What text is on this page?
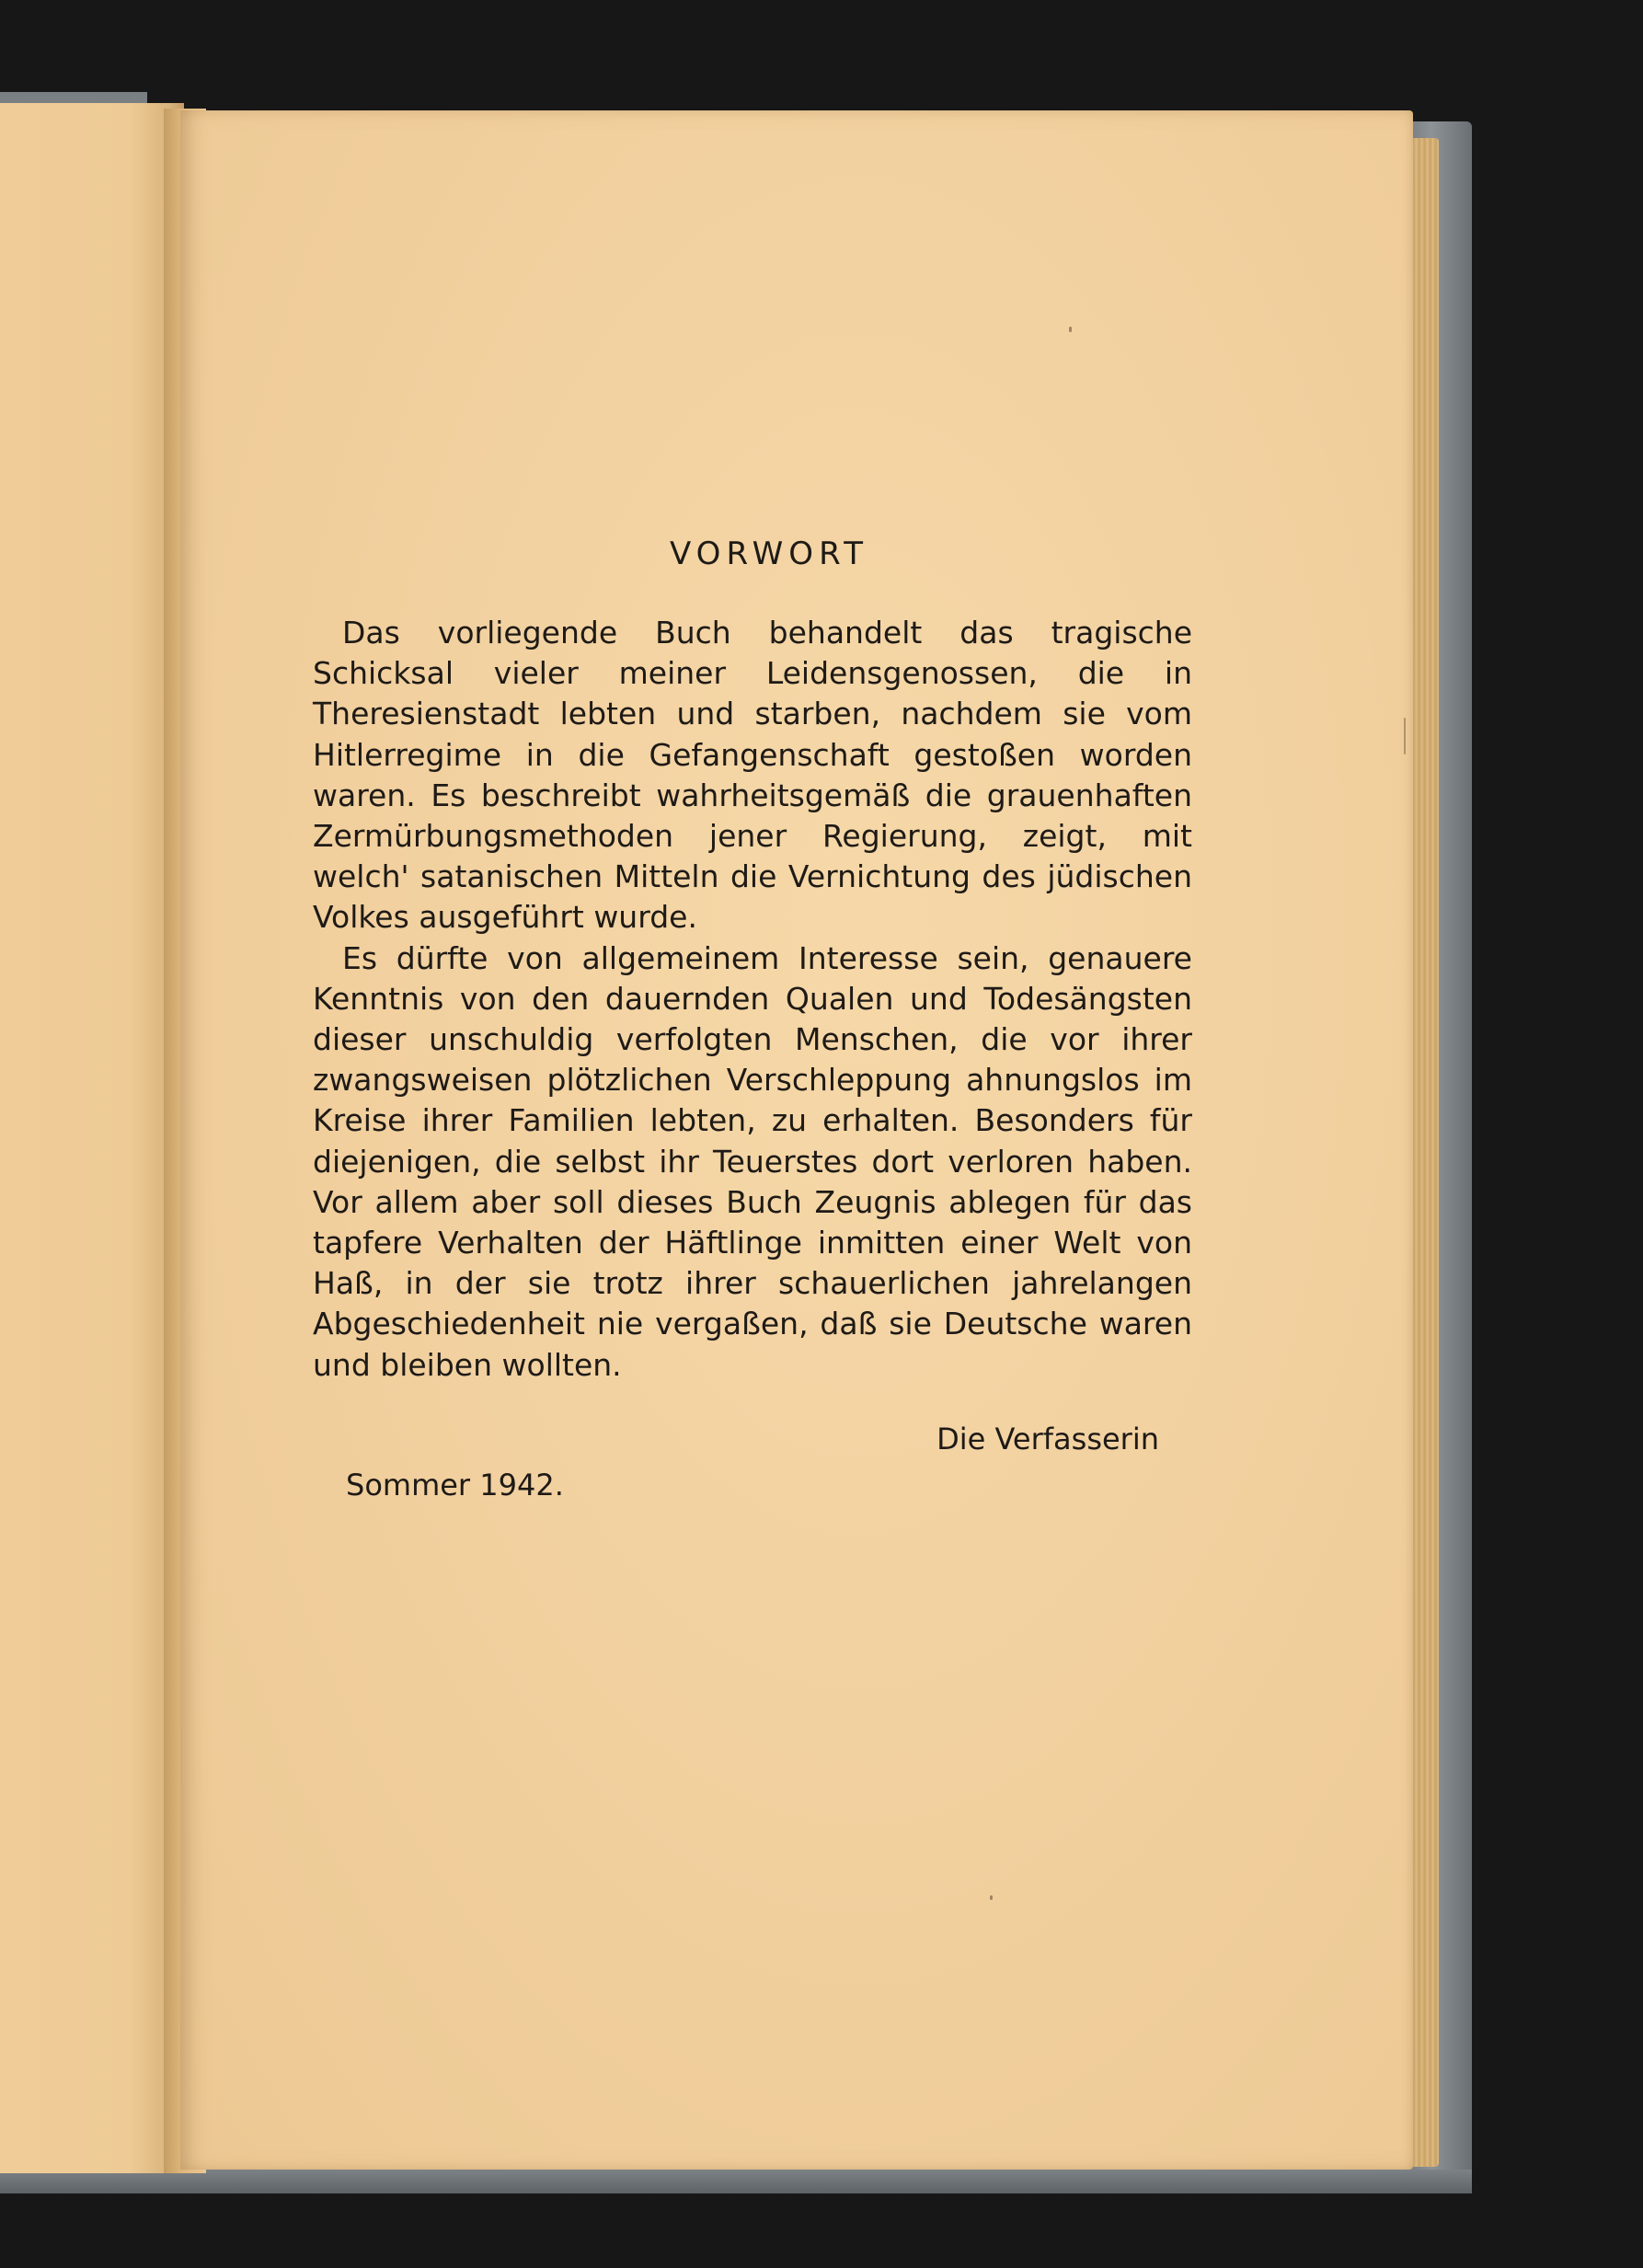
VORWORT

Das vorliegende Buch behandelt das tragische Schicksal vieler meiner Leidensgenossen, die in Theresienstadt lebten und starben, nachdem sie vom Hitlerregime in die Gefangenschaft gestoßen worden waren. Es beschreibt wahrheitsgemäß die grauenhaften Zermürbungsmethoden jener Regierung, zeigt, mit welch' satanischen Mitteln die Vernichtung des jüdischen Volkes ausgeführt wurde.

Es dürfte von allgemeinem Interesse sein, genauere Kenntnis von den dauernden Qualen und Todesängsten dieser unschuldig verfolgten Menschen, die vor ihrer zwangsweisen plötzlichen Verschleppung ahnungslos im Kreise ihrer Familien lebten, zu erhalten. Besonders für diejenigen, die selbst ihr Teuerstes dort verloren haben. Vor allem aber soll dieses Buch Zeugnis ablegen für das tapfere Verhalten der Häftlinge inmitten einer Welt von Haß, in der sie trotz ihrer schauerlichen jahrelangen Abgeschiedenheit nie vergaßen, daß sie Deutsche waren und bleiben wollten.

Die Verfasserin
Sommer 1942.
